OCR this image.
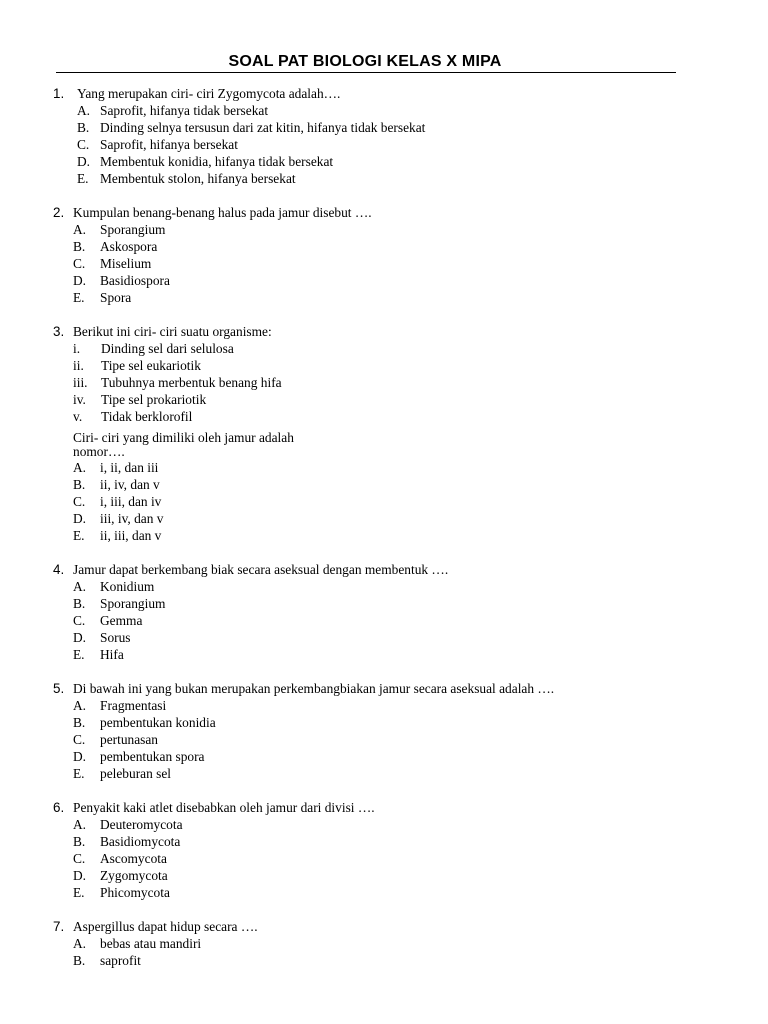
SOAL PAT BIOLOGI KELAS X MIPA
1. Yang merupakan ciri- ciri Zygomycota adalah….
A. Saprofit, hifanya tidak bersekat
B. Dinding selnya tersusun dari zat kitin, hifanya tidak bersekat
C. Saprofit, hifanya bersekat
D. Membentuk konidia, hifanya tidak bersekat
E. Membentuk stolon, hifanya bersekat
2. Kumpulan benang-benang halus pada jamur disebut ….
A. Sporangium
B. Askospora
C. Miselium
D. Basidiospora
E. Spora
3. Berikut ini ciri- ciri suatu organisme:
i. Dinding sel dari selulosa
ii. Tipe sel eukariotik
iii. Tubuhnya merbentuk benang hifa
iv. Tipe sel prokariotik
v. Tidak berklorofil
Ciri- ciri yang dimiliki oleh jamur adalah nomor….
A. i, ii, dan iii
B. ii, iv, dan v
C. i, iii, dan iv
D. iii, iv, dan v
E. ii, iii, dan v
4. Jamur dapat berkembang biak secara aseksual dengan membentuk ….
A. Konidium
B. Sporangium
C. Gemma
D. Sorus
E. Hifa
5. Di bawah ini yang bukan merupakan perkembangbiakan jamur secara aseksual adalah ….
A. Fragmentasi
B. pembentukan konidia
C. pertunasan
D. pembentukan spora
E. peleburan sel
6. Penyakit kaki atlet disebabkan oleh jamur dari divisi ….
A. Deuteromycota
B. Basidiomycota
C. Ascomycota
D. Zygomycota
E. Phicomycota
7. Aspergillus dapat hidup secara ….
A. bebas atau mandiri
B. saprofit
